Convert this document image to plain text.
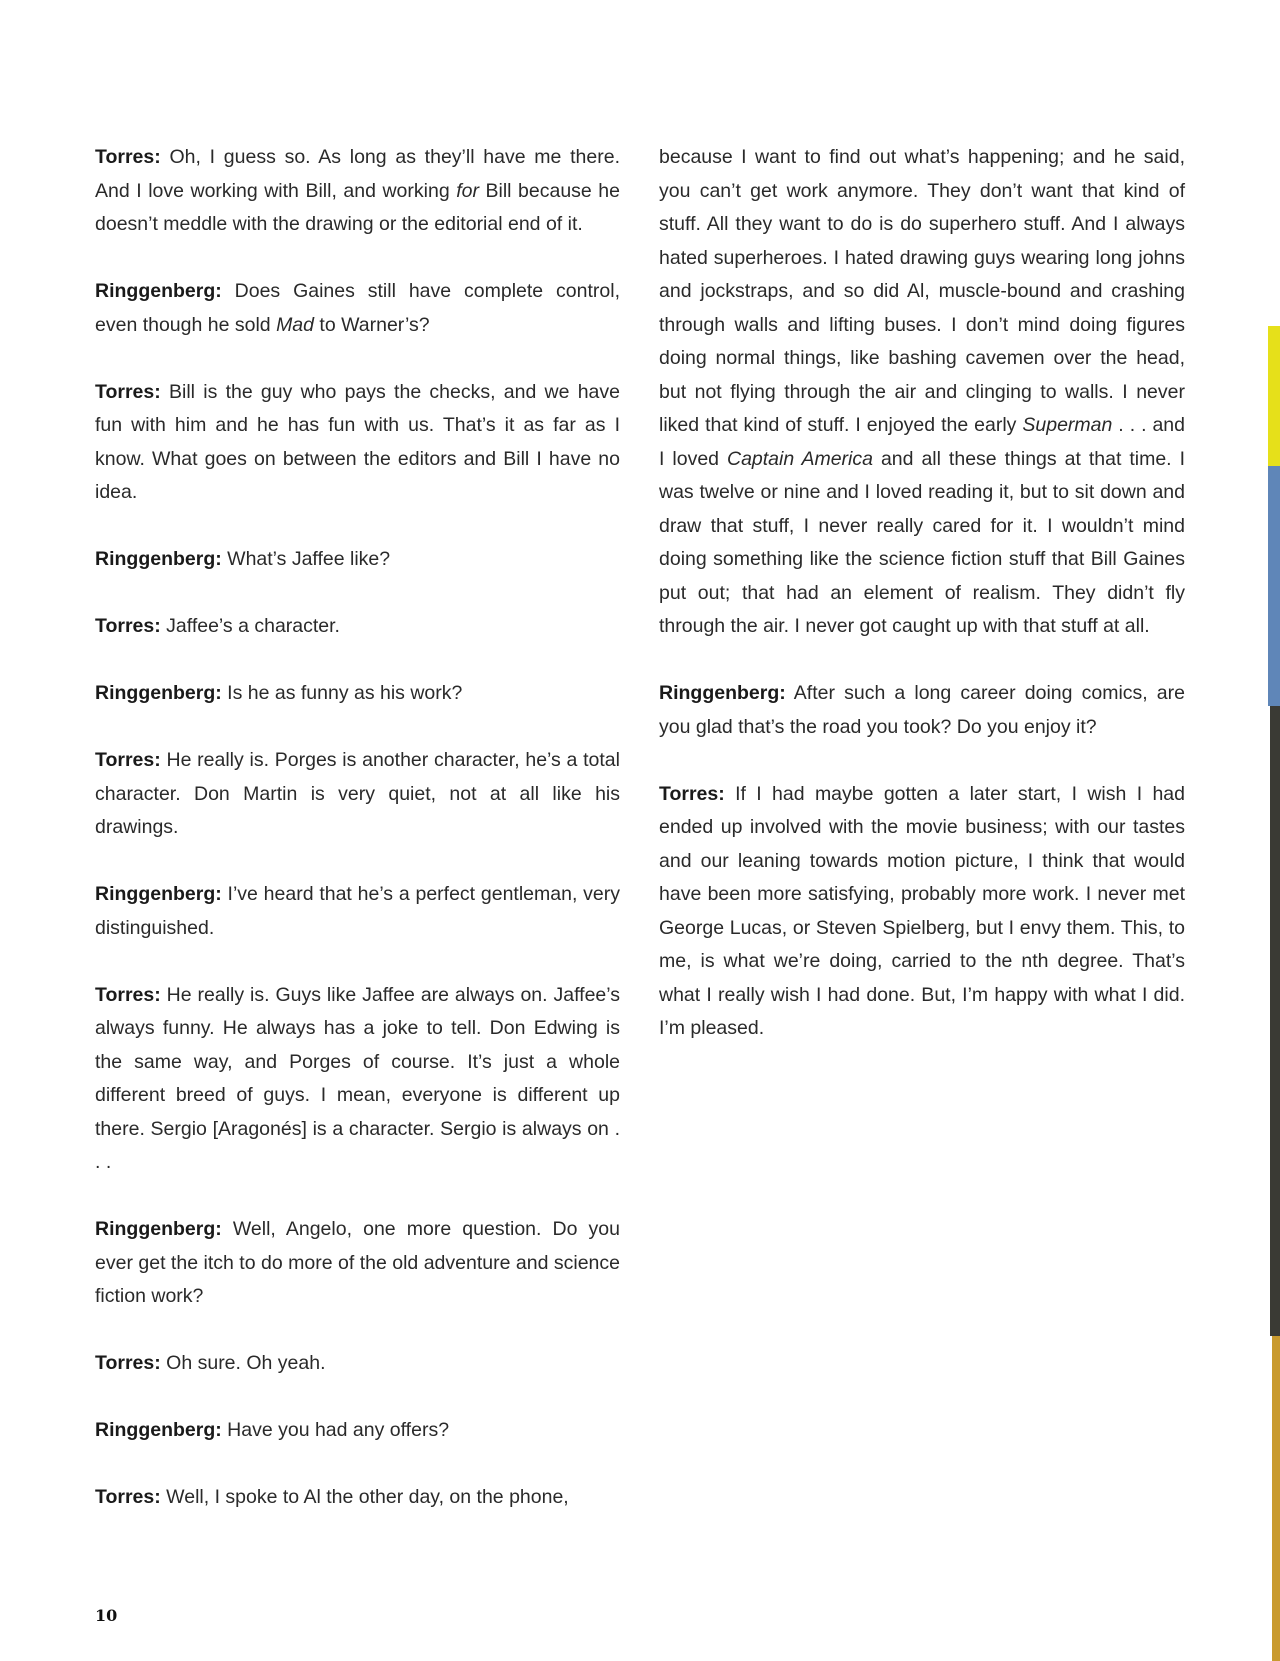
Torres: Oh, I guess so. As long as they’ll have me there. And I love working with Bill, and working for Bill because he doesn’t meddle with the drawing or the editorial end of it.

Ringgenberg: Does Gaines still have complete control, even though he sold Mad to Warner’s?

Torres: Bill is the guy who pays the checks, and we have fun with him and he has fun with us. That’s it as far as I know. What goes on between the editors and Bill I have no idea.

Ringgenberg: What’s Jaffee like?

Torres: Jaffee’s a character.

Ringgenberg: Is he as funny as his work?

Torres: He really is. Porges is another character, he’s a total character. Don Martin is very quiet, not at all like his drawings.

Ringgenberg: I’ve heard that he’s a perfect gentleman, very distinguished.

Torres: He really is. Guys like Jaffee are always on. Jaffee’s always funny. He always has a joke to tell. Don Edwing is the same way, and Porges of course. It’s just a whole different breed of guys. I mean, everyone is different up there. Sergio [Aragonés] is a character. Sergio is always on . . .

Ringgenberg: Well, Angelo, one more question. Do you ever get the itch to do more of the old adventure and science fiction work?

Torres: Oh sure. Oh yeah.

Ringgenberg: Have you had any offers?

Torres: Well, I spoke to Al the other day, on the phone,

because I want to find out what’s happening; and he said, you can’t get work anymore. They don’t want that kind of stuff. All they want to do is do superhero stuff. And I always hated superheroes. I hated drawing guys wearing long johns and jockstraps, and so did Al, muscle-bound and crashing through walls and lifting buses. I don’t mind doing figures doing normal things, like bashing cavemen over the head, but not flying through the air and clinging to walls. I never liked that kind of stuff. I enjoyed the early Superman . . . and I loved Captain America and all these things at that time. I was twelve or nine and I loved reading it, but to sit down and draw that stuff, I never really cared for it. I wouldn’t mind doing something like the science fiction stuff that Bill Gaines put out; that had an element of realism. They didn’t fly through the air. I never got caught up with that stuff at all.

Ringgenberg: After such a long career doing comics, are you glad that’s the road you took? Do you enjoy it?

Torres: If I had maybe gotten a later start, I wish I had ended up involved with the movie business; with our tastes and our leaning towards motion picture, I think that would have been more satisfying, probably more work. I never met George Lucas, or Steven Spielberg, but I envy them. This, to me, is what we’re doing, carried to the nth degree. That’s what I really wish I had done. But, I’m happy with what I did. I’m pleased.

10
